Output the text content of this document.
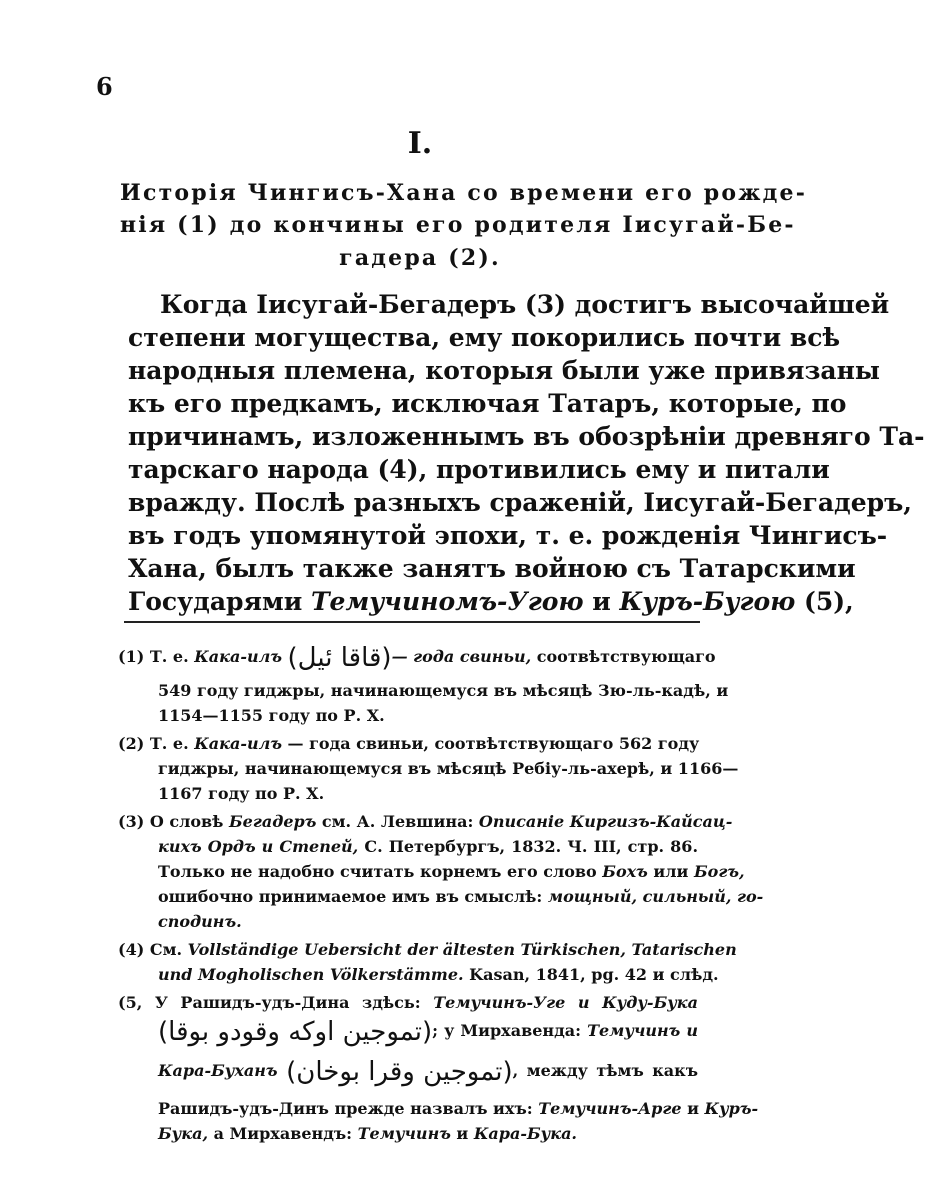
6
I.
Исторія Чингисъ-Хана со времени его рожде-
нія (1) до кончины его родителя Іисугай-Бе-
гадера (2).
Когда Іисугай-Бегадеръ (3) достигъ высочайшей
степени могущества, ему покорились почти всѣ
народныя племена, которыя были уже привязаны
къ его предкамъ, исключая Татаръ, которые, по
причинамъ, изложеннымъ въ обозрѣніи древняго Та-
тарскаго народа (4), противились ему и питали
вражду. Послѣ разныхъ сраженій, Іисугай-Бегадеръ,
въ годъ упомянутой эпохи, т. е. рожденія Чингисъ-
Хана, былъ также занятъ войною съ Татарскими
Государями Темучиномъ-Угою и Куръ-Бугою (5),
(1) Т. е. Кака-илъ (قاقا ئيل)— года свиньи, соотвѣтствующаго
549 году гиджры, начинающемуся въ мѣсяцѣ Зю-ль-кадѣ, и
1154—1155 году по Р. Х.
(2) Т. е. Кака-илъ — года свиньи, соотвѣтствующаго 562 году
гиджры, начинающемуся въ мѣсяцѣ Ребіу-ль-ахерѣ, и 1166—
1167 году по Р. Х.
(3) О словѣ Бегадеръ см. А. Левшина: Описаніе Киргизъ-Кайсац-
кихъ Ордъ и Степей, С. Петербургъ, 1832. Ч. III, стр. 86.
Только не надобно считать корнемъ его слово Бохъ или Богъ,
ошибочно принимаемое имъ въ смыслѣ: мощный, сильный, го-
сподинъ.
(4) См. Vollständige Uebersicht der ältesten Türkischen, Tatarischen
und Mogholischen Völkerstämme. Kasan, 1841, pg. 42 и слѣд.
(5, У Рашидъ-удъ-Дина здѣсь: Темучинъ-Уге и Куду-Бука
(تموجين اوكه وقودو بوقا); у Мирхавенда: Темучинъ и
Кара-Буханъ (تموجين وقرا بوخان), между тѣмъ какъ
Рашидъ-удъ-Динъ прежде назвалъ ихъ: Темучинъ-Арге и Куръ-
Бука, а Мирхавендъ: Темучинъ и Кара-Бука.
